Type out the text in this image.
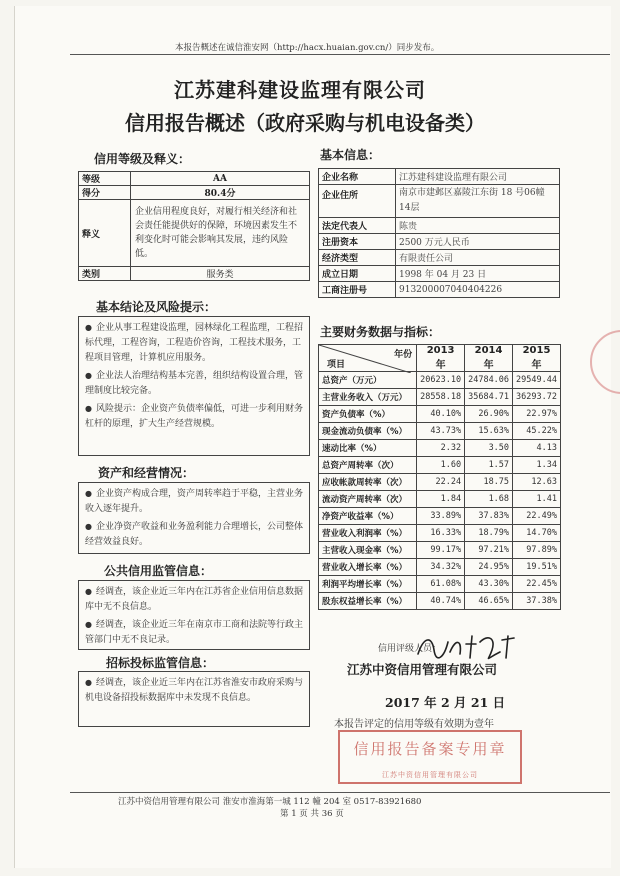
本报告概述在诚信淮安网（http://hacx.huaian.gov.cn/）同步发布。
江苏建科建设监理有限公司
信用报告概述（政府采购与机电设备类）
信用等级及释义：
等级	AA
得分	80.4分
释义	企业信用程度良好，对履行相关经济和社会责任能提供好的保障，环境因素发生不利变化时可能会影响其发展，违约风险低。
类别	服务类
基本信息：
企业名称	江苏建科建设监理有限公司
企业住所	南京市建邺区嘉陵江东街 18 号06幢14层
法定代表人	陈贵
注册资本	2500 万元人民币
经济类型	有限责任公司
成立日期	1998 年 04 月 23 日
工商注册号	913200007040404226
基本结论及风险提示：

● 企业从事工程建设监理，园林绿化工程监理，工程招标代理，工程咨询，工程造价咨询，工程技术服务，工程项目管理，计算机应用服务。

● 企业法人治理结构基本完善，组织结构设置合理，管理制度比较完备。

● 风险提示：企业资产负债率偏低，可进一步利用财务杠杆的原理，扩大生产经营规模。

资产和经营情况：

● 企业资产构成合理，资产周转率趋于平稳，主营业务收入逐年提升。

● 企业净资产收益和业务盈利能力合理增长，公司整体经营效益良好。

公共信用监管信息：

● 经调查，该企业近三年内在江苏省企业信用信息数据库中无不良信息。

● 经调查，该企业近三年在南京市工商和法院等行政主管部门中无不良记录。

招标投标监管信息：

● 经调查，该企业近三年内在江苏省淮安市政府采购与机电设备招投标数据库中未发现不良信息。

主要财务数据与指标：
年份
项目	2013 年	2014 年	2015 年
总资产（万元）	20623.10	24784.06	29549.44
主营业务收入（万元）	28558.18	35684.71	36293.72
资产负债率（%）	40.10%	26.90%	22.97%
现金流动负债率（%）	43.73%	15.63%	45.22%
速动比率（%）	2.32	3.50	4.13
总资产周转率（次）	1.60	1.57	1.34
应收帐款周转率（次）	22.24	18.75	12.63
流动资产周转率（次）	1.84	1.68	1.41
净资产收益率（%）	33.89%	37.83%	22.49%
营业收入利润率（%）	16.33%	18.79%	14.70%
主营收入现金率（%）	99.17%	97.21%	97.89%
营业收入增长率（%）	34.32%	24.95%	19.51%
利润平均增长率（%）	61.08%	43.30%	22.45%
股东权益增长率（%）	40.74%	46.65%	37.38%
信用评级人员：
江苏中资信用管理有限公司
2017 年 2 月 21 日
本报告评定的信用等级有效期为壹年
信用报告备案专用章
江苏中资信用管理有限公司
江苏中资信用管理有限公司 淮安市淮海第一城 112 幢 204 室 0517-83921680
第 1 页 共 36 页
